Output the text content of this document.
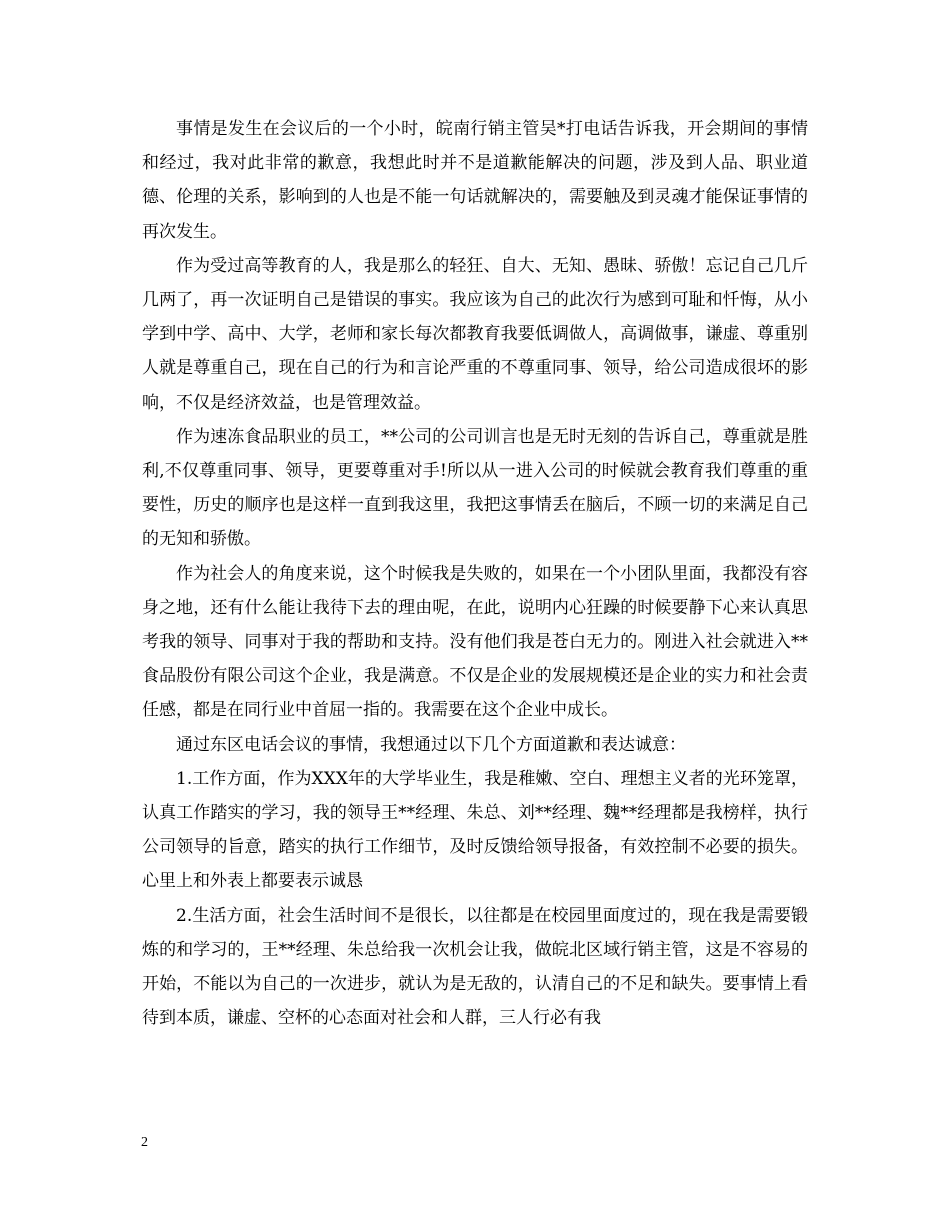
事情是发生在会议后的一个小时，皖南行销主管吴*打电话告诉我，开会期间的事情和经过，我对此非常的歉意，我想此时并不是道歉能解决的问题，涉及到人品、职业道德、伦理的关系，影响到的人也是不能一句话就解决的，需要触及到灵魂才能保证事情的再次发生。

作为受过高等教育的人，我是那么的轻狂、自大、无知、愚昧、骄傲！忘记自己几斤几两了，再一次证明自己是错误的事实。我应该为自己的此次行为感到可耻和忏悔，从小学到中学、高中、大学，老师和家长每次都教育我要低调做人，高调做事，谦虚、尊重别人就是尊重自己，现在自己的行为和言论严重的不尊重同事、领导，给公司造成很坏的影响，不仅是经济效益，也是管理效益。

作为速冻食品职业的员工，**公司的公司训言也是无时无刻的告诉自己，尊重就是胜利,不仅尊重同事、领导，更要尊重对手!所以从一进入公司的时候就会教育我们尊重的重要性，历史的顺序也是这样一直到我这里，我把这事情丢在脑后，不顾一切的来满足自己的无知和骄傲。

作为社会人的角度来说，这个时候我是失败的，如果在一个小团队里面，我都没有容身之地，还有什么能让我待下去的理由呢，在此，说明内心狂躁的时候要静下心来认真思考我的领导、同事对于我的帮助和支持。没有他们我是苍白无力的。刚进入社会就进入**食品股份有限公司这个企业，我是满意。不仅是企业的发展规模还是企业的实力和社会责任感，都是在同行业中首屈一指的。我需要在这个企业中成长。

通过东区电话会议的事情，我想通过以下几个方面道歉和表达诚意：

1.工作方面，作为XXX年的大学毕业生，我是稚嫩、空白、理想主义者的光环笼罩，认真工作踏实的学习，我的领导王**经理、朱总、刘**经理、魏**经理都是我榜样，执行公司领导的旨意，踏实的执行工作细节，及时反馈给领导报备，有效控制不必要的损失。心里上和外表上都要表示诚恳

2.生活方面，社会生活时间不是很长，以往都是在校园里面度过的，现在我是需要锻炼的和学习的，王**经理、朱总给我一次机会让我，做皖北区域行销主管，这是不容易的开始，不能以为自己的一次进步，就认为是无敌的，认清自己的不足和缺失。要事情上看待到本质，谦虚、空杯的心态面对社会和人群，三人行必有我

2
